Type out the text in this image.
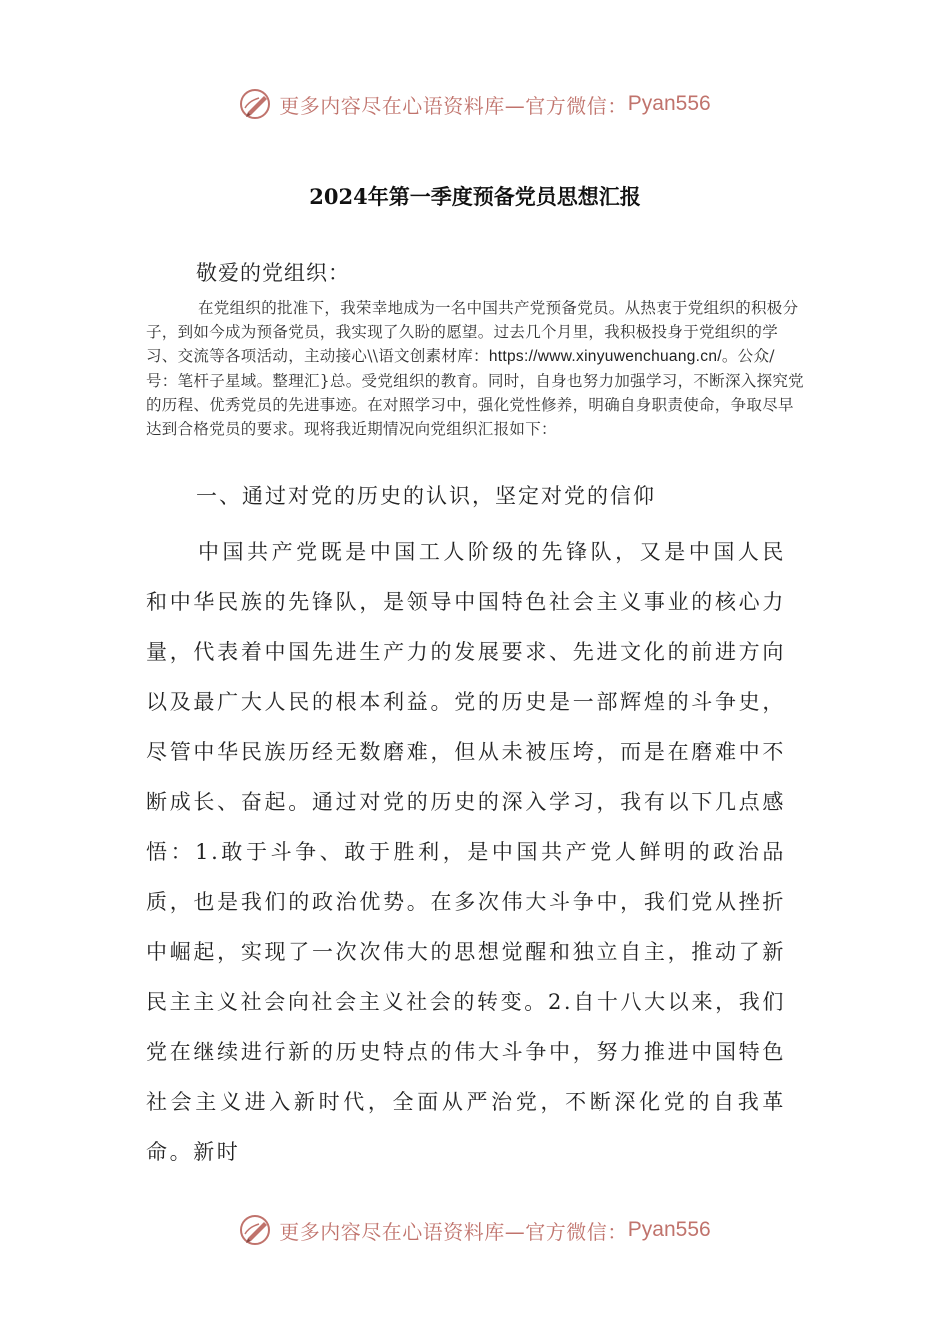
更多内容尽在心语资料库—官方微信： Pyan556
2024年第一季度预备党员思想汇报
敬爱的党组织：

在党组织的批准下，我荣幸地成为一名中国共产党预备党员。从热衷于党组织的积极分子，到如今成为预备党员，我实现了久盼的愿望。过去几个月里，我积极投身于党组织的学习、交流等各项活动，主动接心\\语文创素材库：https://www.xinyuwenchuang.cn/。公众/号：笔杆子星域。整理汇}总。受党组织的教育。同时，自身也努力加强学习，不断深入探究党的历程、优秀党员的先进事迹。在对照学习中，强化党性修养，明确自身职责使命，争取尽早达到合格党员的要求。现将我近期情况向党组织汇报如下：

一、通过对党的历史的认识，坚定对党的信仰

中国共产党既是中国工人阶级的先锋队，又是中国人民和中华民族的先锋队，是领导中国特色社会主义事业的核心力量，代表着中国先进生产力的发展要求、先进文化的前进方向以及最广大人民的根本利益。党的历史是一部辉煌的斗争史，尽管中华民族历经无数磨难，但从未被压垮，而是在磨难中不断成长、奋起。通过对党的历史的深入学习，我有以下几点感悟：1.敢于斗争、敢于胜利，是中国共产党人鲜明的政治品质，也是我们的政治优势。在多次伟大斗争中，我们党从挫折中崛起，实现了一次次伟大的思想觉醒和独立自主，推动了新民主主义社会向社会主义社会的转变。2.自十八大以来，我们党在继续进行新的历史特点的伟大斗争中，努力推进中国特色社会主义进入新时代，全面从严治党，不断深化党的自我革命。新时

更多内容尽在心语资料库—官方微信： Pyan556
